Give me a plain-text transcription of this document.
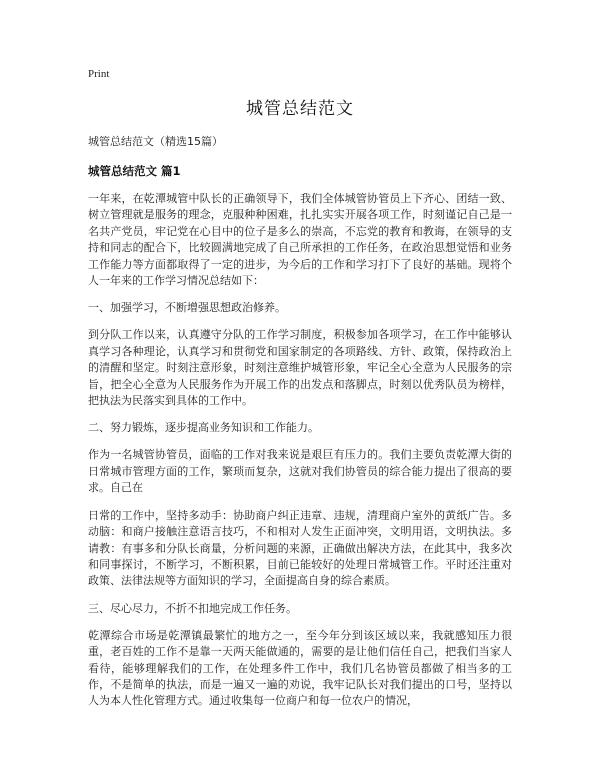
Print
城管总结范文
城管总结范文（精选15篇）
城管总结范文 篇1

一年来，在乾潭城管中队长的正确领导下，我们全体城管协管员上下齐心、团结一致、树立管理就是服务的理念，克服种种困难，扎扎实实开展各项工作，时刻谨记自己是一名共产党员，牢记党在心目中的位子是多么的崇高，不忘党的教育和教诲，在领导的支持和同志的配合下，比较圆满地完成了自己所承担的工作任务，在政治思想觉悟和业务工作能力等方面都取得了一定的进步，为今后的工作和学习打下了良好的基础。现将个人一年来的工作学习情况总结如下：

一、加强学习，不断增强思想政治修养。

到分队工作以来，认真遵守分队的工作学习制度，积极参加各项学习，在工作中能够认真学习各种理论，认真学习和贯彻党和国家制定的各项路线、方针、政策，保持政治上的清醒和坚定。时刻注意形象，时刻注意维护城管形象，牢记全心全意为人民服务的宗旨，把全心全意为人民服务作为开展工作的出发点和落脚点，时刻以优秀队员为榜样，把执法为民落实到具体的工作中。

二、努力锻炼，逐步提高业务知识和工作能力。

作为一名城管协管员，面临的工作对我来说是艰巨有压力的。我们主要负责乾潭大街的日常城市管理方面的工作，繁琐而复杂，这就对我们协管员的综合能力提出了很高的要求。自己在

日常的工作中，坚持多动手：协助商户纠正违章、违规，清理商户室外的黄纸广告。多动脑：和商户接触注意语言技巧，不和相对人发生正面冲突，文明用语，文明执法。多请教：有事多和分队长商量，分析问题的来源，正确做出解决方法，在此其中，我多次和同事探讨，不断学习，不断积累，目前已能较好的处理日常城管工作。平时还注重对政策、法律法规等方面知识的学习，全面提高自身的综合素质。

三、尽心尽力，不折不扣地完成工作任务。

乾潭综合市场是乾潭镇最繁忙的地方之一，至今年分到该区域以来，我就感知压力很重，老百姓的工作不是靠一天两天能做通的，需要的是让他们信任自己，把我们当家人看待，能够理解我们的工作，在处理多件工作中，我们几名协管员都做了相当多的工作，不是简单的执法，而是一遍又一遍的劝说，我牢记队长对我们提出的口号，坚持以人为本人性化管理方式。通过收集每一位商户和每一位农户的情况，
